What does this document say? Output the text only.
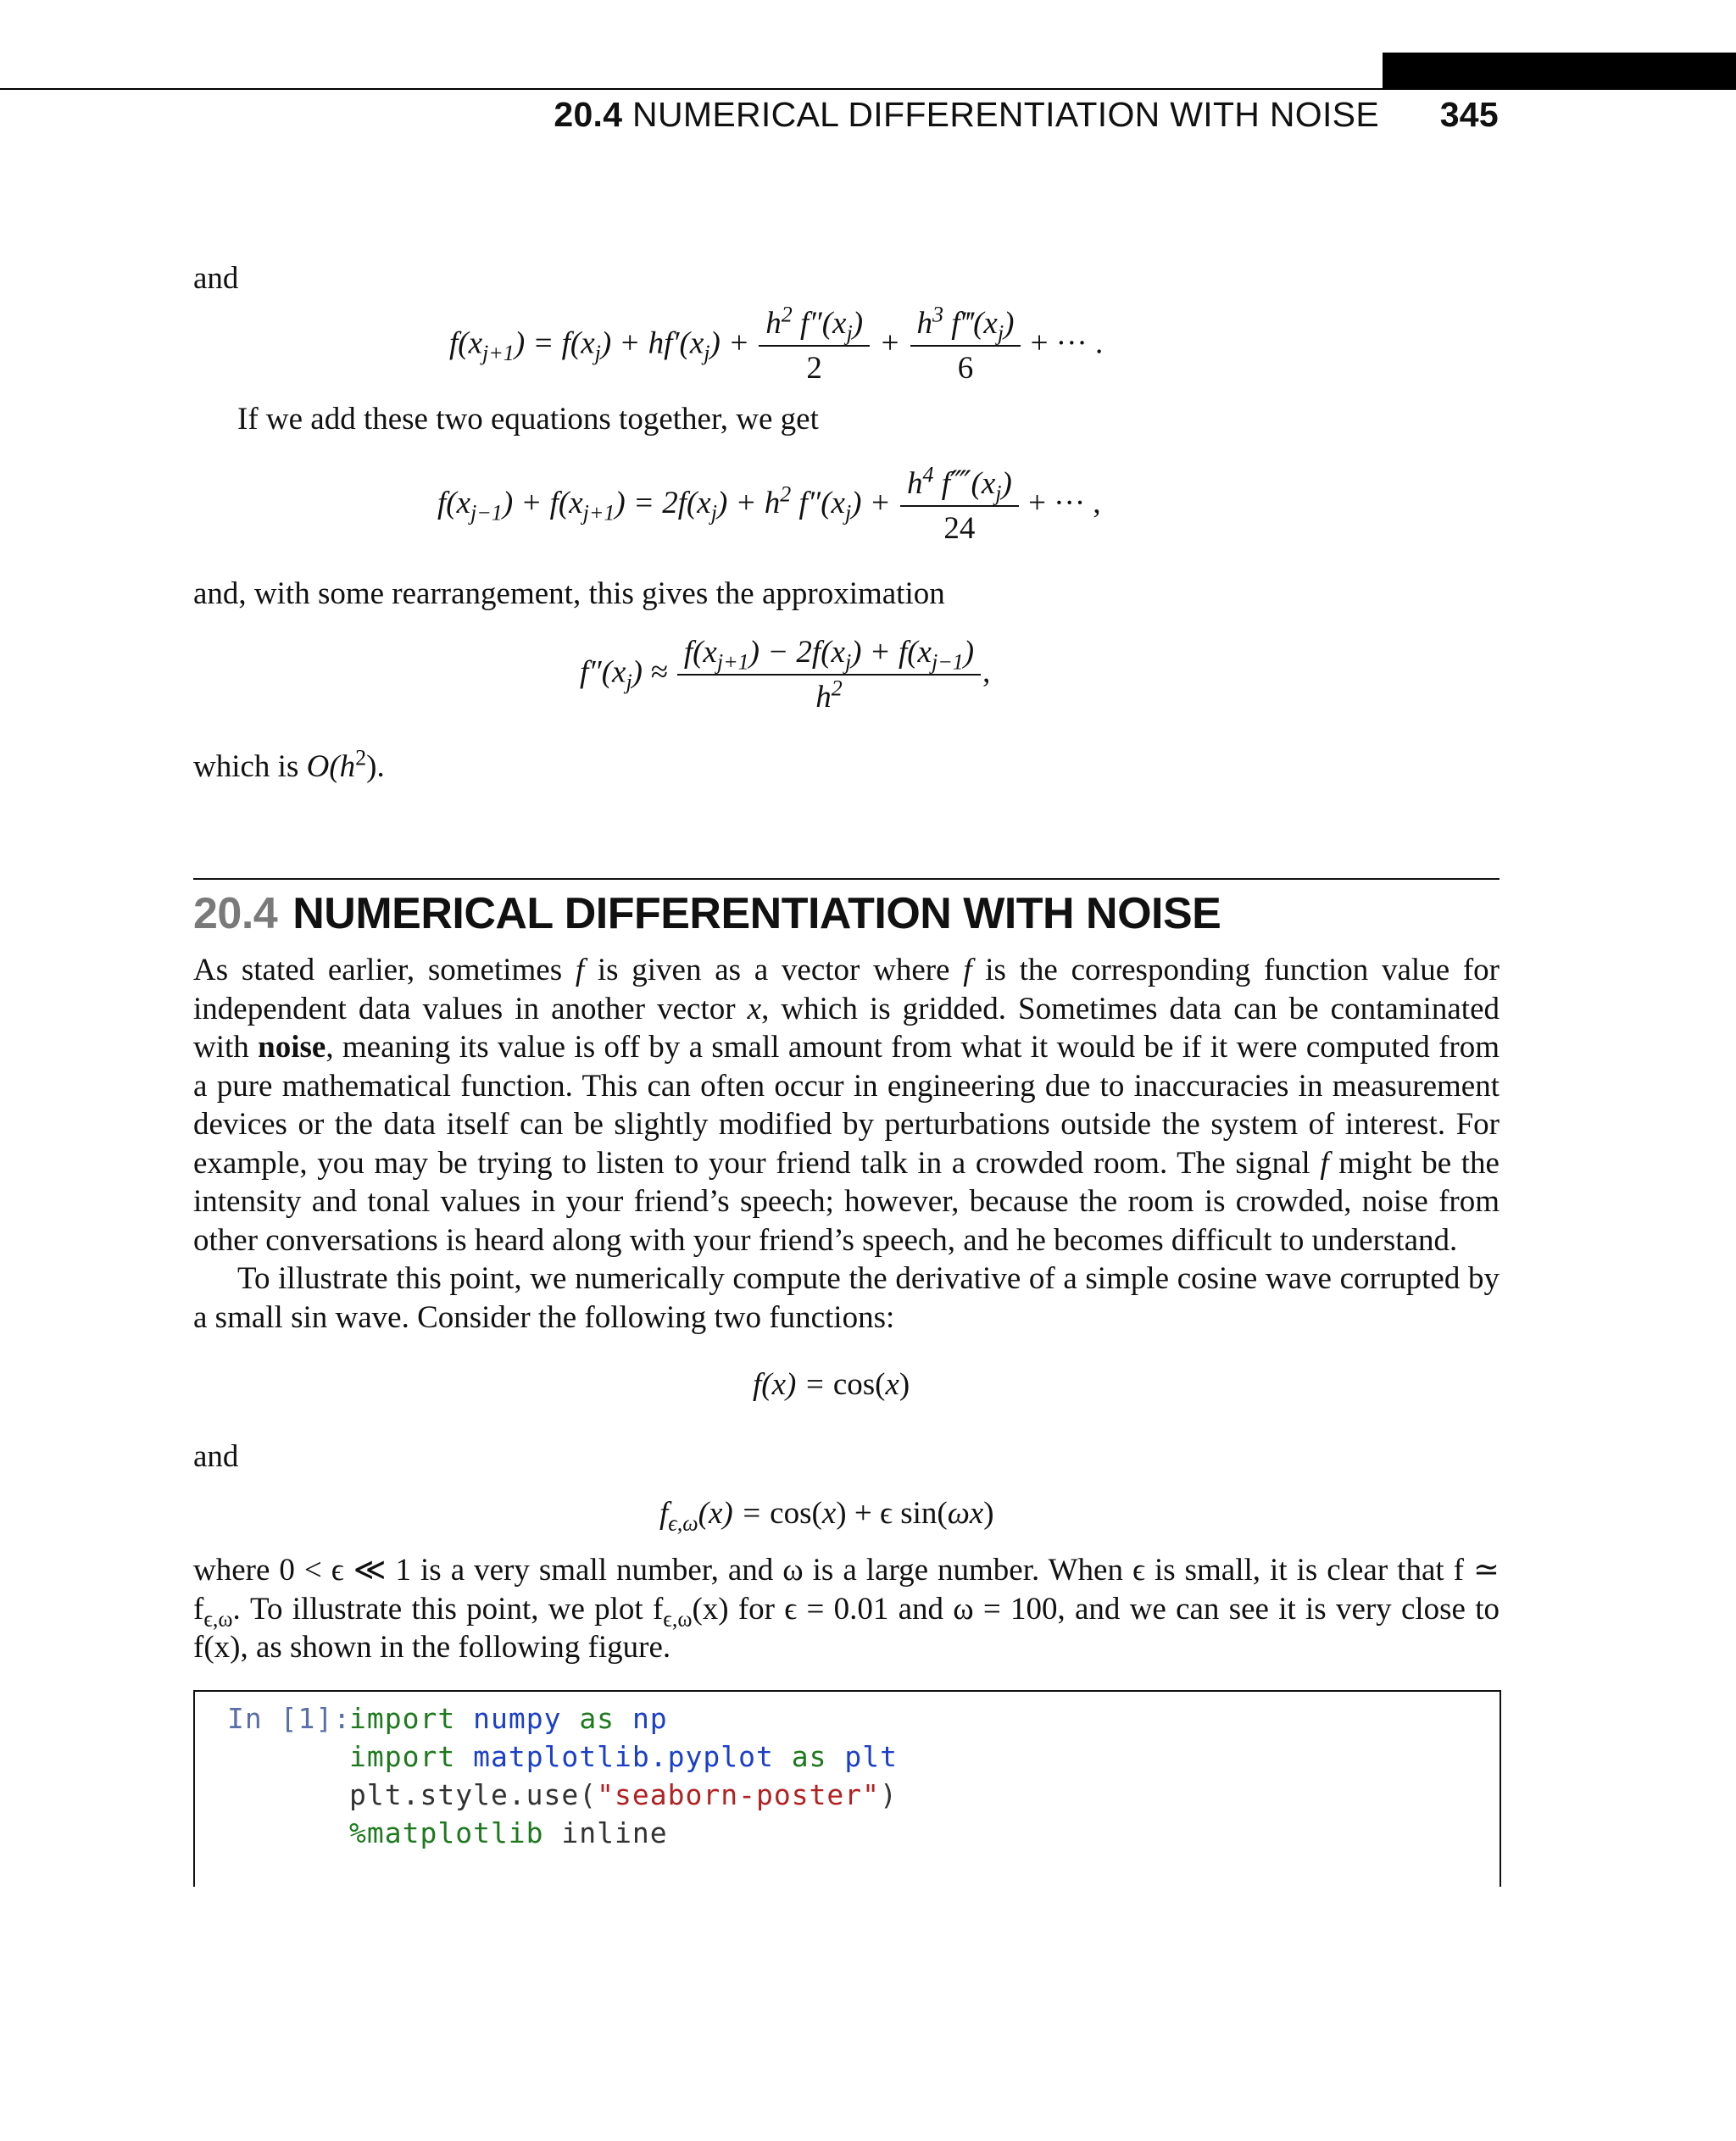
20.4 NUMERICAL DIFFERENTIATION WITH NOISE 345
and
$f(x_{j+1}) = f(x_j) + hf'(x_j) + \frac{h^2 f''(x_j)}{2} + \frac{h^3 f‴(x_j)}{6}$ + ··· .
If we add these two equations together, we get
$f(x_{j-1}) + f(x_{j+1}) = 2f(x_j) + h^2$ $f''(x_j) + \frac{h^4 f⁗(x_j)}{24}$ + ··· ,
and, with some rearrangement, this gives the approximation
$f''(x_j) \approx \frac{f(x_{j+1}) - 2f(x_j) + f(x_{j-1})}{h^2}$ ,
which is $O(h^2)$.
20.4 NUMERICAL DIFFERENTIATION WITH NOISE
As stated earlier, sometimes f is given as a vector where f is the corresponding function value for independent data values in another vector x, which is gridded. Sometimes data can be contaminated with noise, meaning its value is off by a small amount from what it would be if it were computed from a pure mathematical function. This can often occur in engineering due to inaccuracies in measurement devices or the data itself can be slightly modified by perturbations outside the system of interest. For example, you may be trying to listen to your friend talk in a crowded room. The signal f might be the intensity and tonal values in your friend’s speech; however, because the room is crowded, noise from other conversations is heard along with your friend’s speech, and he becomes difficult to understand.
To illustrate this point, we numerically compute the derivative of a simple cosine wave corrupted by a small sin wave. Consider the following two functions:
f(x) = cos(x)
and
$f_{\epsilon,\omega}(x) = \cos(x) + \epsilon$ sin(ωx)
where 0 < ϵ ≪ 1 is a very small number, and ω is a large number. When ϵ is small, it is clear that f ≃ $f_{\epsilon,\omega}$. To illustrate this point, we plot $f_{\epsilon,\omega}(x)$ for ϵ = 0.01 and ω = 100, and we can see it is very close to f(x), as shown in the following figure.
In [1]:
import numpy as np
import matplotlib.pyplot as plt
plt.style.use("seaborn-poster")
%matplotlib inline
